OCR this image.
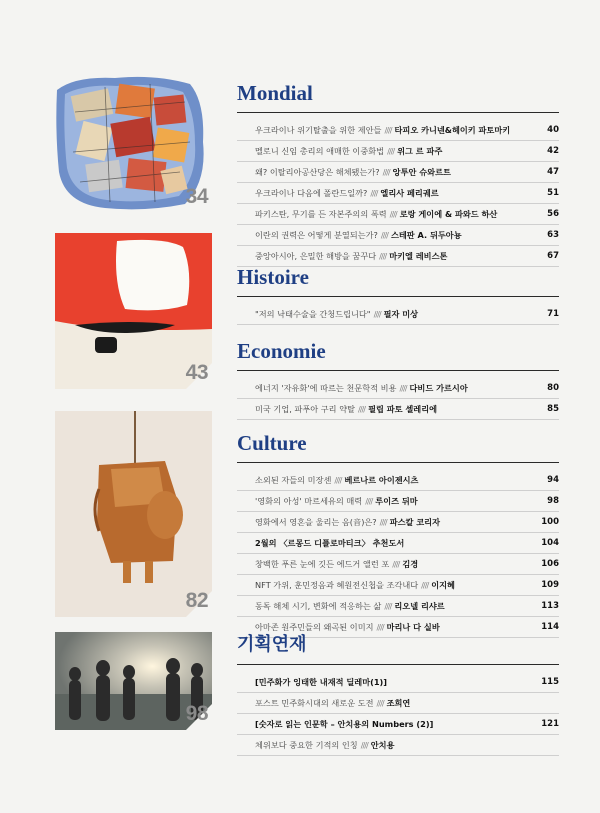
34
43
82
98
Mondial
우크라이나 위기탈출을 위한 제안들 //// 타피오 카니넨&헤이키 파토마키	40
멜로니 신임 총리의 애매한 이중화법 //// 위그 르 파주	42
왜? 이탈리아공산당은 해체됐는가? //// 앙투안 슈와르트	47
우크라이나 다음에 폴란드일까? //// 엘리사 페리궤르	51
파키스탄, 무기를 든 자본주의의 폭력 //// 로랑 게이에 & 파와드 하산	56
이란의 권력은 어떻게 분열되는가? //// 스테판 A. 뒤두아뇽	63
중앙아시아, 은밀한 해방을 꿈꾸다 //// 마키엘 레비스톤	67
Histoire
"저의 낙태수술을 간청드립니다" //// 필자 미상	71
Economie
에너지 '자유화'에 따르는 천문학적 비용 //// 다비드 가르시아	80
미국 기업, 파푸아 구리 약탈 //// 필립 파토 셀레리에	85
Culture
소외된 자들의 미장센 //// 베르나르 아이젠시츠	94
'영화의 아성' 마르세유의 매력 //// 루이즈 뒤마	98
영화에서 영혼을 울리는 음(音)은? //// 파스칼 코리자	100
2월의 〈르몽드 디플로마티크〉 추천도서	104
창백한 푸른 눈에 깃든 에드거 앨런 포 //// 김경	106
NFT 가위, 훈민정음과 혜원전신첩을 조각내다 //// 이지혜	109
동독 해체 시기, 변화에 적응하는 삶 //// 리오넬 리샤르	113
아마존 원주민들의 왜곡된 이미지 //// 마리나 다 실바	114
기획연재
[민주화가 잉태한 내재적 딜레마(1)]	115
포스트 민주화시대의 새로운 도전 //// 조희연
[숫자로 읽는 인문학 – 안치용의 Numbers (2)]	121
체위보다 중요한 기적의 인칭 //// 안치용
